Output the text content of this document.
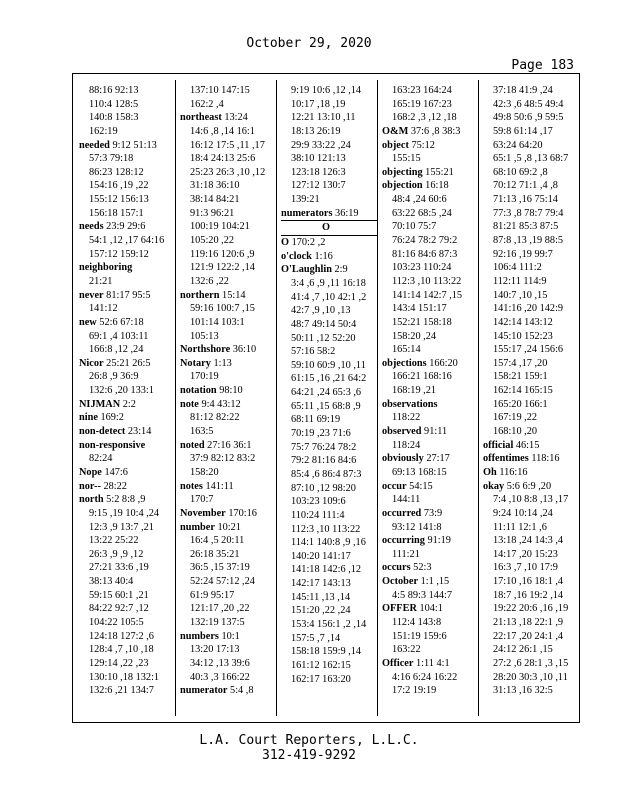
October 29, 2020
Page 183
88:16 92:13
110:4 128:5
140:8 158:3
162:19
needed 9:12 51:13
57:3 79:18
86:23 128:12
154:16 ,19 ,22
155:12 156:13
156:18 157:1
needs 23:9 29:6
54:1 ,12 ,17 64:16
157:12 159:12
neighboring
21:21
never 81:17 95:5
141:12
new 52:6 67:18
69:1 ,4 103:11
166:8 ,12 ,24
Nicor 25:21 26:5
26:8 ,9 36:9
132:6 ,20 133:1
NIJMAN 2:2
nine 169:2
non-detect 23:14
non-responsive
82:24
Nope 147:6
nor-- 28:22
north 5:2 8:8 ,9
9:15 ,19 10:4 ,24
12:3 ,9 13:7 ,21
13:22 25:22
26:3 ,9 ,9 ,12
27:21 33:6 ,19
38:13 40:4
59:15 60:1 ,21
84:22 92:7 ,12
104:22 105:5
124:18 127:2 ,6
128:4 ,7 ,10 ,18
129:14 ,22 ,23
130:10 ,18 132:1
132:6 ,21 134:7
137:10 147:15
162:2 ,4
northeast 13:24
14:6 ,8 ,14 16:1
16:12 17:5 ,11 ,17
18:4 24:13 25:6
25:23 26:3 ,10 ,12
31:18 36:10
38:14 84:21
91:3 96:21
100:19 104:21
105:20 ,22
119:16 120:6 ,9
121:9 122:2 ,14
132:6 ,22
northern 15:14
59:16 100:7 ,15
101:14 103:1
105:13
Northshore 36:10
Notary 1:13
170:19
notation 98:10
note 9:4 43:12
81:12 82:22
163:5
noted 27:16 36:1
37:9 82:12 83:2
158:20
notes 141:11
170:7
November 170:16
number 10:21
16:4 ,5 20:11
26:18 35:21
36:5 ,15 37:19
52:24 57:12 ,24
61:9 95:17
121:17 ,20 ,22
132:19 137:5
numbers 10:1
13:20 17:13
34:12 ,13 39:6
40:3 ,3 166:22
numerator 5:4 ,8
9:19 10:6 ,12 ,14
10:17 ,18 ,19
12:21 13:10 ,11
18:13 26:19
29:9 33:22 ,24
38:10 121:13
123:18 126:3
127:12 130:7
139:21
numerators 36:19
O
O 170:2 ,2
o'clock 1:16
O'Laughlin 2:9
3:4 ,6 ,9 ,11 16:18
41:4 ,7 ,10 42:1 ,2
42:7 ,9 ,10 ,13
48:7 49:14 50:4
50:11 ,12 52:20
57:16 58:2
59:10 60:9 ,10 ,11
61:15 ,16 ,21 64:2
64:21 ,24 65:3 ,6
65:11 ,15 68:8 ,9
68:11 69:19
70:19 ,23 71:6
75:7 76:24 78:2
79:2 81:16 84:6
85:4 ,6 86:4 87:3
87:10 ,12 98:20
103:23 109:6
110:24 111:4
112:3 ,10 113:22
114:1 140:8 ,9 ,16
140:20 141:17
141:18 142:6 ,12
142:17 143:13
145:11 ,13 ,14
151:20 ,22 ,24
153:4 156:1 ,2 ,14
157:5 ,7 ,14
158:18 159:9 ,14
161:12 162:15
162:17 163:20
163:23 164:24
165:19 167:23
168:2 ,3 ,12 ,18
O&M 37:6 ,8 38:3
object 75:12
155:15
objecting 155:21
objection 16:18
48:4 ,24 60:6
63:22 68:5 ,24
70:10 75:7
76:24 78:2 79:2
81:16 84:6 87:3
103:23 110:24
112:3 ,10 113:22
141:14 142:7 ,15
143:4 151:17
152:21 158:18
158:20 ,24
165:14
objections 166:20
166:21 168:16
168:19 ,21
observations
118:22
observed 91:11
118:24
obviously 27:17
69:13 168:15
occur 54:15
144:11
occurred 73:9
93:12 141:8
occurring 91:19
111:21
occurs 52:3
October 1:1 ,15
4:5 89:3 144:7
OFFER 104:1
112:4 143:8
151:19 159:6
163:22
Officer 1:11 4:1
4:16 6:24 16:22
17:2 19:19
37:18 41:9 ,24
42:3 ,6 48:5 49:4
49:8 50:6 ,9 59:5
59:8 61:14 ,17
63:24 64:20
65:1 ,5 ,8 ,13 68:7
68:10 69:2 ,8
70:12 71:1 ,4 ,8
71:13 ,16 75:14
77:3 ,8 78:7 79:4
81:21 85:3 87:5
87:8 ,13 ,19 88:5
92:16 ,19 99:7
106:4 111:2
112:11 114:9
140:7 ,10 ,15
141:16 ,20 142:9
142:14 143:12
145:10 152:23
155:17 ,24 156:6
157:4 ,17 ,20
158:21 159:1
162:14 165:15
165:20 166:1
167:19 ,22
168:10 ,20
official 46:15
offentimes 118:16
Oh 116:16
okay 5:6 6:9 ,20
7:4 ,10 8:8 ,13 ,17
9:24 10:14 ,24
11:11 12:1 ,6
13:18 ,24 14:3 ,4
14:17 ,20 15:23
16:3 ,7 ,10 17:9
17:10 ,16 18:1 ,4
18:7 ,16 19:2 ,14
19:22 20:6 ,16 ,19
21:13 ,18 22:1 ,9
22:17 ,20 24:1 ,4
24:12 26:1 ,15
27:2 ,6 28:1 ,3 ,15
28:20 30:3 ,10 ,11
31:13 ,16 32:5
L.A. Court Reporters, L.L.C.
312-419-9292
